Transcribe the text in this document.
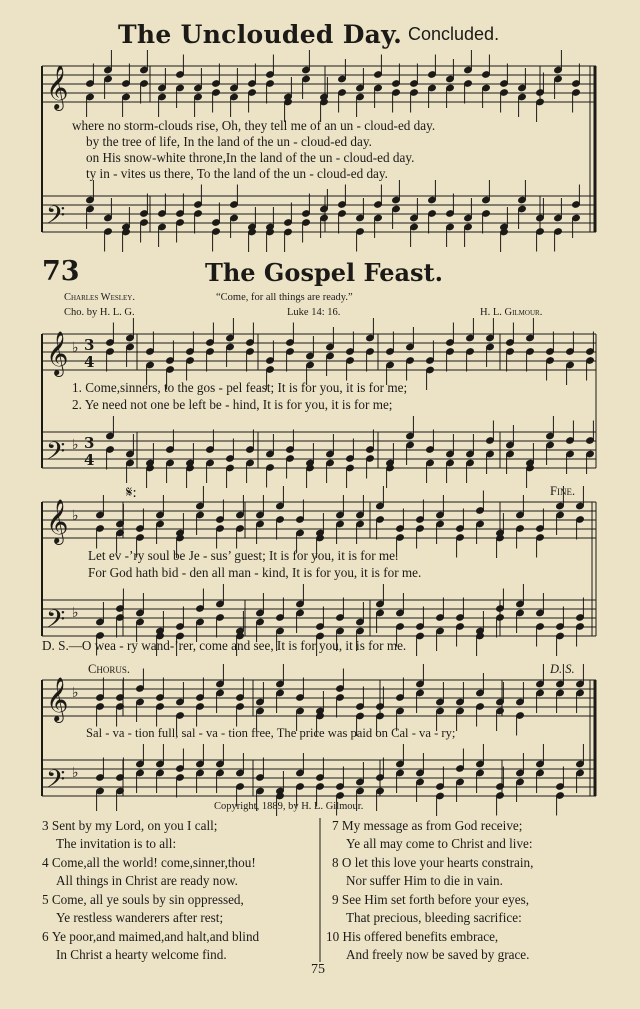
The Unclouded Day. Concluded.
𝄞
𝄢
𝄞
𝄢
𝄞
𝄢
𝄞
𝄢
♭
♭
♭
♭
♭
♭
3
4
3
4
where no storm-clouds rise, Oh, they tell me of an un - cloud-ed day.
by the tree of life, In the land of the un - cloud-ed day.
on His snow-white throne,In the land of the un - cloud-ed day.
ty in - vites us there, To the land of the un - cloud-ed day.
73	The Gospel Feast.
Charles Wesley.	“Come, for all things are ready.”
Cho. by H. L. G.	Luke 14: 16.	H. L. Gilmour.
1. Come,sinners, to the gos - pel feast; It is for you, it is for me;
2. Ye need not one be left be - hind, It is for you, it is for me;
𝄋:	Fine.
Let ev -’ry soul be Je - sus’ guest; It is for you, it is for me.
For God hath bid - den all man - kind, It is for you, it is for me.
D. S.—O wea - ry wand-’rer, come and see, It is for you, it is for me.
Chorus.	D. S.
Sal - va - tion full, sal - va - tion free, The price was paid on Cal - va - ry;
Copyright, 1889, by H. L. Gilmour.
3 Sent by my Lord, on you I call;
The invitation is to all:
4 Come,all the world! come,sinner,thou!
All things in Christ are ready now.
5 Come, all ye souls by sin oppressed,
Ye restless wanderers after rest;
6 Ye poor,and maimed,and halt,and blind
In Christ a hearty welcome find.
7 My message as from God receive;
Ye all may come to Christ and live:
8 O let this love your hearts constrain,
Nor suffer Him to die in vain.
9 See Him set forth before your eyes,
That precious, bleeding sacrifice:
10 His offered benefits embrace,
And freely now be saved by grace.
75
